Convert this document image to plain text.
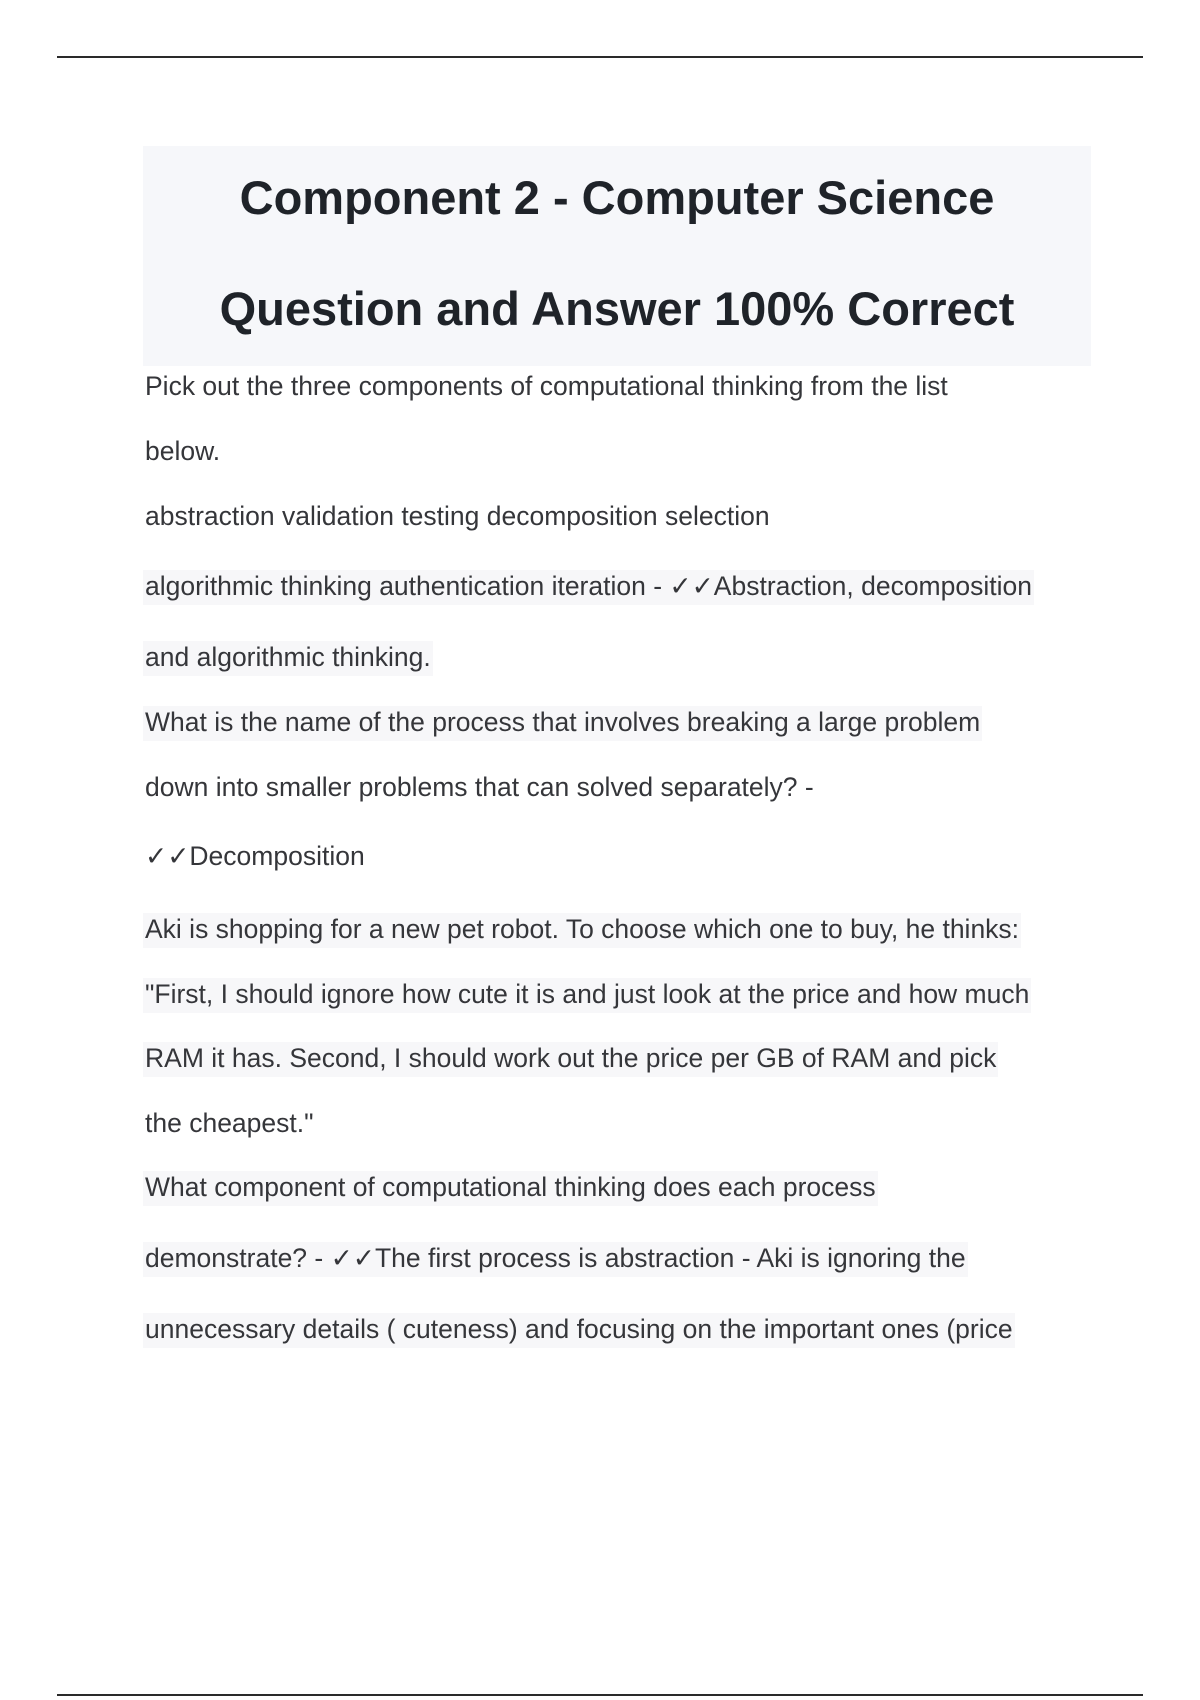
Component 2 - Computer Science
Question and Answer 100% Correct
Pick out the three components of computational thinking from the list
below.
abstraction validation testing decomposition selection
algorithmic thinking authentication iteration - ✓✓Abstraction, decomposition
and algorithmic thinking.
What is the name of the process that involves breaking a large problem
down into smaller problems that can solved separately? -
✓✓Decomposition
Aki is shopping for a new pet robot. To choose which one to buy, he thinks:
"First, I should ignore how cute it is and just look at the price and how much
RAM it has. Second, I should work out the price per GB of RAM and pick
the cheapest."
What component of computational thinking does each process
demonstrate? - ✓✓The first process is abstraction - Aki is ignoring the
unnecessary details ( cuteness) and focusing on the important ones (price
